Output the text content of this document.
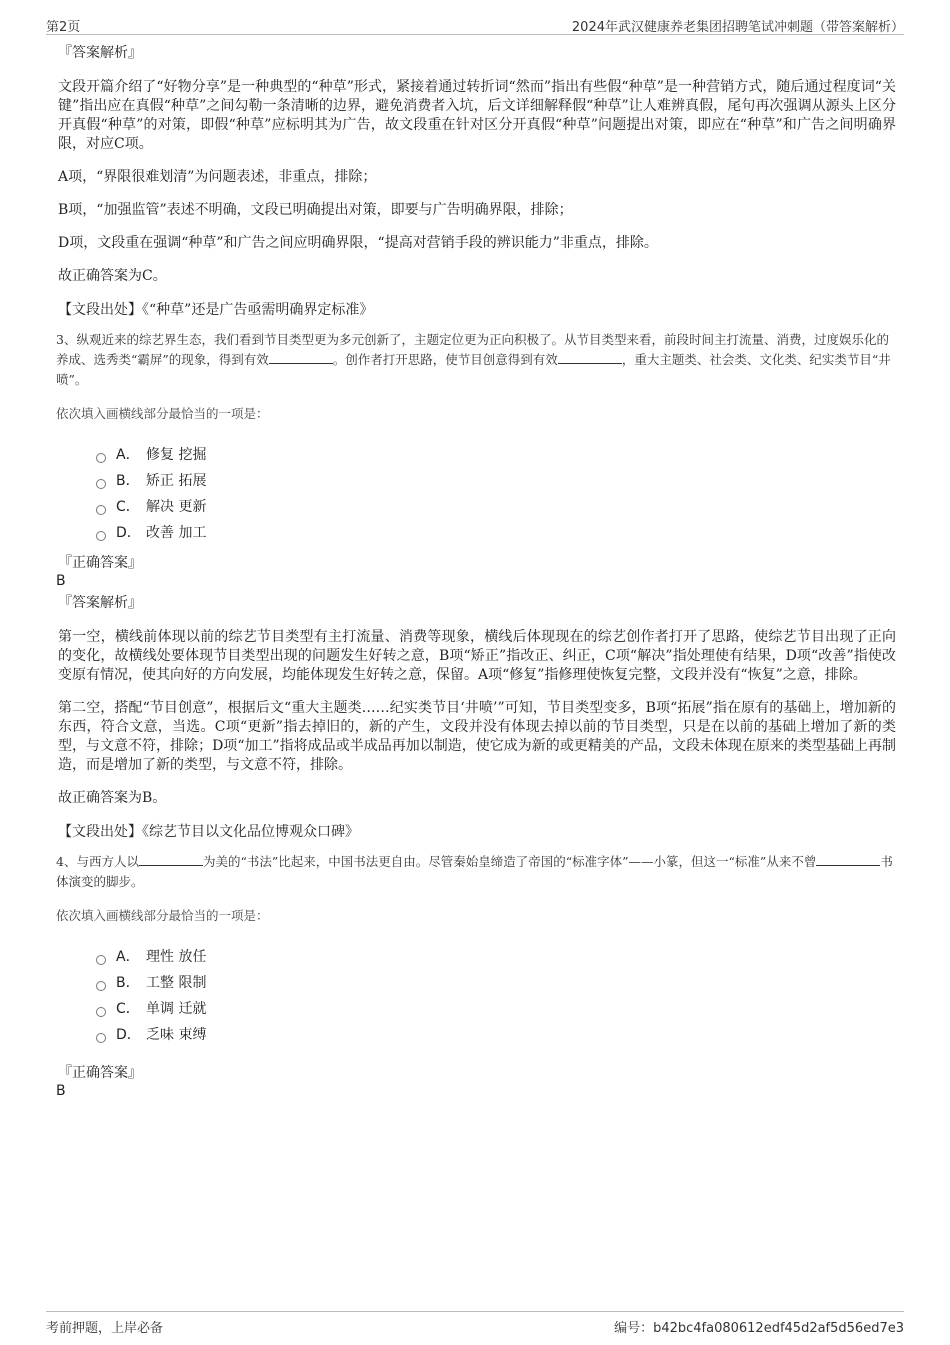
第2页	2024年武汉健康养老集团招聘笔试冲刺题（带答案解析）
『答案解析』

文段开篇介绍了“好物分享”是一种典型的“种草”形式，紧接着通过转折词“然而”指出有些假“种草”是一种营销方式，随后通过程度词“关键”指出应在真假“种草”之间勾勒一条清晰的边界，避免消费者入坑，后文详细解释假“种草”让人难辨真假，尾句再次强调从源头上区分开真假“种草”的对策，即假“种草”应标明其为广告，故文段重在针对区分开真假“种草”问题提出对策，即应在“种草”和广告之间明确界限，对应C项。

A项，“界限很难划清”为问题表述，非重点，排除；

B项，“加强监管”表述不明确，文段已明确提出对策，即要与广告明确界限，排除；

D项，文段重在强调“种草”和广告之间应明确界限，“提高对营销手段的辨识能力”非重点，排除。

故正确答案为C。

【文段出处】《“种草”还是广告亟需明确界定标准》

3、纵观近来的综艺界生态，我们看到节目类型更为多元创新了，主题定位更为正向积极了。从节目类型来看，前段时间主打流量、消费，过度娱乐化的养成、选秀类“霸屏”的现象，得到有效	。创作者打开思路，使节目创意得到有效	，重大主题类、社会类、文化类、纪实类节目“井喷”。
依次填入画横线部分最恰当的一项是：
A． 修复 挖掘
B． 矫正 拓展
C． 解决 更新
D． 改善 加工
『正确答案』
B
『答案解析』

第一空，横线前体现以前的综艺节目类型有主打流量、消费等现象，横线后体现现在的综艺创作者打开了思路，使综艺节目出现了正向的变化，故横线处要体现节目类型出现的问题发生好转之意，B项“矫正”指改正、纠正，C项“解决”指处理使有结果，D项“改善”指使改变原有情况，使其向好的方向发展，均能体现发生好转之意，保留。A项“修复”指修理使恢复完整，文段并没有“恢复”之意，排除。

第二空，搭配“节目创意”，根据后文“重大主题类……纪实类节目‘井喷’”可知，节目类型变多，B项“拓展”指在原有的基础上，增加新的东西，符合文意，当选。C项“更新”指去掉旧的，新的产生，文段并没有体现去掉以前的节目类型，只是在以前的基础上增加了新的类型，与文意不符，排除；D项“加工”指将成品或半成品再加以制造，使它成为新的或更精美的产品，文段未体现在原来的类型基础上再制造，而是增加了新的类型，与文意不符，排除。

故正确答案为B。

【文段出处】《综艺节目以文化品位博观众口碑》

4、与西方人以	为美的“书法”比起来，中国书法更自由。尽管秦始皇缔造了帝国的“标准字体”——小篆，但这一“标准”从来不曾	书体演变的脚步。
依次填入画横线部分最恰当的一项是：
A． 理性 放任
B． 工整 限制
C． 单调 迁就
D． 乏味 束缚
『正确答案』
B
考前押题，上岸必备	编号：b42bc4fa080612edf45d2af5d56ed7e3
